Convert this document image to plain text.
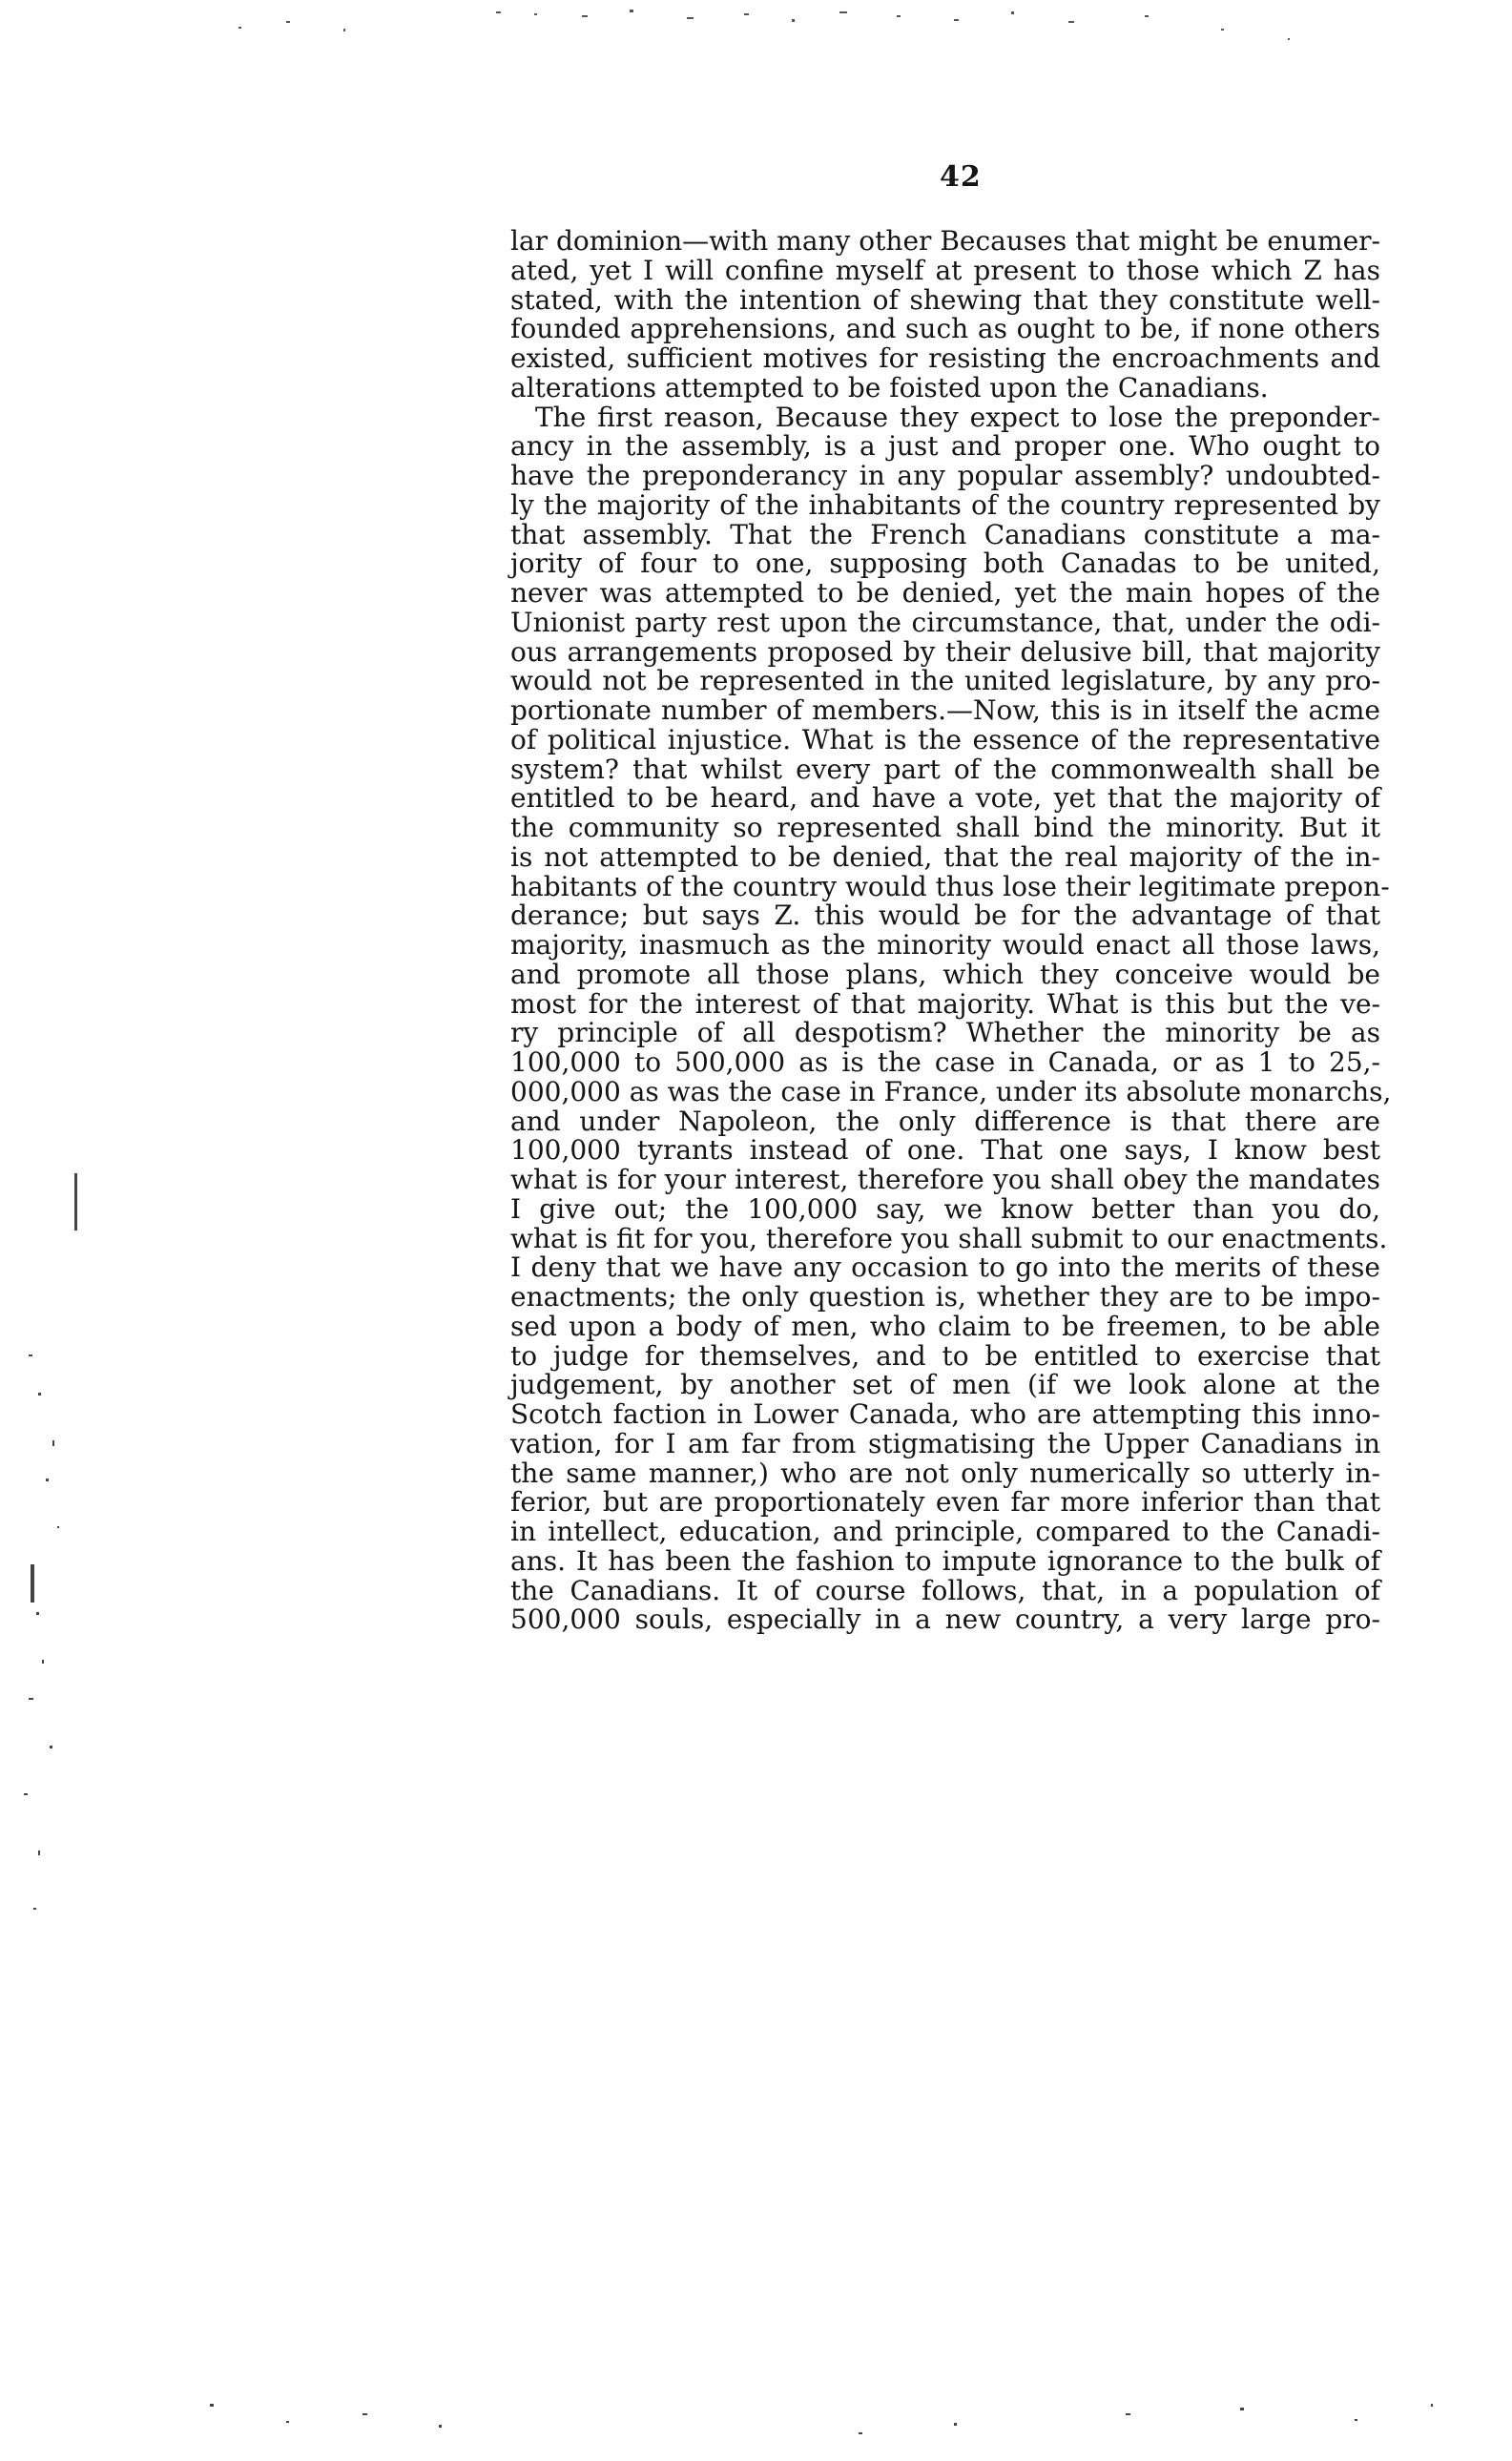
42
lar dominion—with many other Becauses that might be enumer-
ated, yet I will confine myself at present to those which Z has
stated, with the intention of shewing that they constitute well-
founded apprehensions, and such as ought to be, if none others
existed, sufficient motives for resisting the encroachments and
alterations attempted to be foisted upon the Canadians.
The first reason, Because they expect to lose the preponder-
ancy in the assembly, is a just and proper one. Who ought to
have the preponderancy in any popular assembly? undoubted-
ly the majority of the inhabitants of the country represented by
that assembly. That the French Canadians constitute a ma-
jority of four to one, supposing both Canadas to be united,
never was attempted to be denied, yet the main hopes of the
Unionist party rest upon the circumstance, that, under the odi-
ous arrangements proposed by their delusive bill, that majority
would not be represented in the united legislature, by any pro-
portionate number of members.—Now, this is in itself the acme
of political injustice. What is the essence of the representative
system? that whilst every part of the commonwealth shall be
entitled to be heard, and have a vote, yet that the majority of
the community so represented shall bind the minority. But it
is not attempted to be denied, that the real majority of the in-
habitants of the country would thus lose their legitimate prepon-
derance; but says Z. this would be for the advantage of that
majority, inasmuch as the minority would enact all those laws,
and promote all those plans, which they conceive would be
most for the interest of that majority. What is this but the ve-
ry principle of all despotism? Whether the minority be as
100,000 to 500,000 as is the case in Canada, or as 1 to 25,-
000,000 as was the case in France, under its absolute monarchs,
and under Napoleon, the only difference is that there are
100,000 tyrants instead of one. That one says, I know best
what is for your interest, therefore you shall obey the mandates
I give out; the 100,000 say, we know better than you do,
what is fit for you, therefore you shall submit to our enactments.
I deny that we have any occasion to go into the merits of these
enactments; the only question is, whether they are to be impo-
sed upon a body of men, who claim to be freemen, to be able
to judge for themselves, and to be entitled to exercise that
judgement, by another set of men (if we look alone at the
Scotch faction in Lower Canada, who are attempting this inno-
vation, for I am far from stigmatising the Upper Canadians in
the same manner,) who are not only numerically so utterly in-
ferior, but are proportionately even far more inferior than that
in intellect, education, and principle, compared to the Canadi-
ans. It has been the fashion to impute ignorance to the bulk of
the Canadians. It of course follows, that, in a population of
500,000 souls, especially in a new country, a very large pro-
